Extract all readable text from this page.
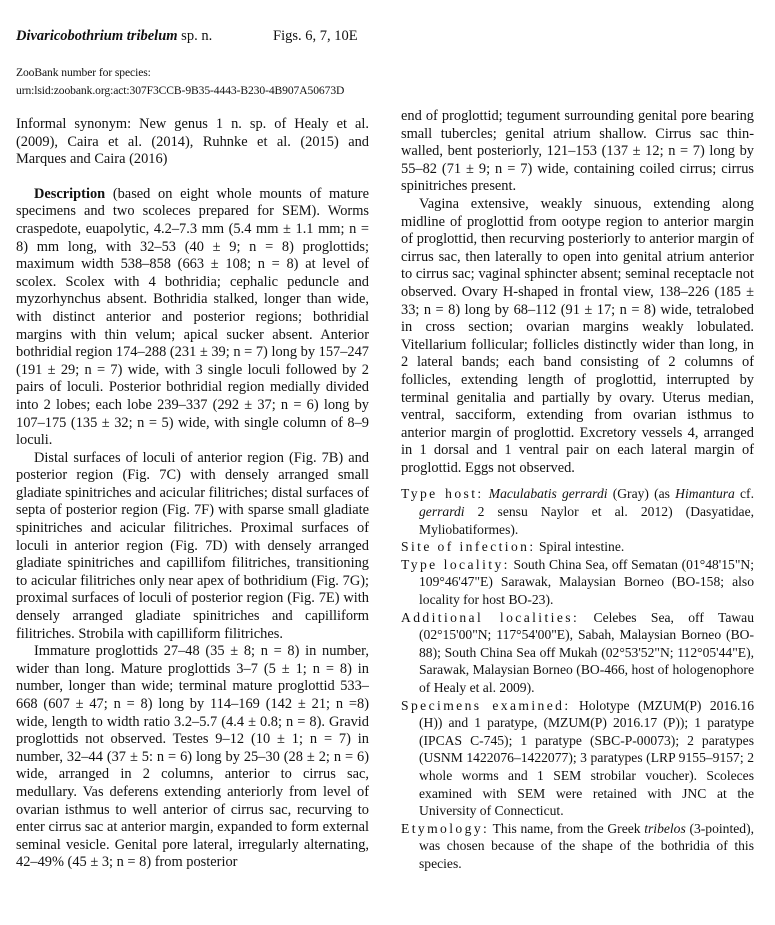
Divaricobothrium tribelum sp. n.	Figs. 6, 7, 10E
ZooBank number for species:
urn:lsid:zoobank.org:act:307F3CCB-9B35-4443-B230-4B907A50673D

Informal synonym: New genus 1 n. sp. of Healy et al. (2009), Caira et al. (2014), Ruhnke et al. (2015) and Marques and Caira (2016)

Description (based on eight whole mounts of mature specimens and two scoleces prepared for SEM). Worms craspedote, euapolytic, 4.2–7.3 mm (5.4 mm ± 1.1 mm; n = 8) mm long, with 32–53 (40 ± 9; n = 8) proglottids; maximum width 538–858 (663 ± 108; n = 8) at level of scolex. Scolex with 4 bothridia; cephalic peduncle and myzorhynchus absent. Bothridia stalked, longer than wide, with distinct anterior and posterior regions; bothridial margins with thin velum; apical sucker absent. Anterior bothridial region 174–288 (231 ± 39; n = 7) long by 157–247 (191 ± 29; n = 7) wide, with 3 single loculi followed by 2 pairs of loculi. Posterior bothridial region medially divided into 2 lobes; each lobe 239–337 (292 ± 37; n = 6) long by 107–175 (135 ± 32; n = 5) wide, with single column of 8–9 loculi.

Distal surfaces of loculi of anterior region (Fig. 7B) and posterior region (Fig. 7C) with densely arranged small gladiate spinitriches and acicular filitriches; distal surfaces of septa of posterior region (Fig. 7F) with sparse small gladiate spinitriches and acicular filitriches. Proximal surfaces of loculi in anterior region (Fig. 7D) with densely arranged gladiate spinitriches and capillifom filitriches, transitioning to acicular filitriches only near apex of bothridium (Fig. 7G); proximal surfaces of loculi of posterior region (Fig. 7E) with densely arranged gladiate spinitriches and capilliform filitriches. Strobila with capilliform filitriches.

Immature proglottids 27–48 (35 ± 8; n = 8) in number, wider than long. Mature proglottids 3–7 (5 ± 1; n = 8) in number, longer than wide; terminal mature proglottid 533–668 (607 ± 47; n = 8) long by 114–169 (142 ± 21; n =8) wide, length to width ratio 3.2–5.7 (4.4 ± 0.8; n = 8). Gravid proglottids not observed. Testes 9–12 (10 ± 1; n = 7) in number, 32–44 (37 ± 5: n = 6) long by 25–30 (28 ± 2; n = 6) wide, arranged in 2 columns, anterior to cirrus sac, medullary. Vas deferens extending anteriorly from level of ovarian isthmus to well anterior of cirrus sac, recurving to enter cirrus sac at anterior margin, expanded to form external seminal vesicle. Genital pore lateral, irregularly alternating, 42–49% (45 ± 3; n = 8) from posterior

end of proglottid; tegument surrounding genital pore bearing small tubercles; genital atrium shallow. Cirrus sac thin-walled, bent posteriorly, 121–153 (137 ± 12; n = 7) long by 55–82 (71 ± 9; n = 7) wide, containing coiled cirrus; cirrus spinitriches present.

Vagina extensive, weakly sinuous, extending along midline of proglottid from ootype region to anterior margin of proglottid, then recurving posteriorly to anterior margin of cirrus sac, then laterally to open into genital atrium anterior to cirrus sac; vaginal sphincter absent; seminal receptacle not observed. Ovary H-shaped in frontal view, 138–226 (185 ± 33; n = 8) long by 68–112 (91 ± 17; n = 8) wide, tetralobed in cross section; ovarian margins weakly lobulated. Vitellarium follicular; follicles distinctly wider than long, in 2 lateral bands; each band consisting of 2 columns of follicles, extending length of proglottid, interrupted by terminal genitalia and partially by ovary. Uterus median, ventral, sacciform, extending from ovarian isthmus to anterior margin of proglottid. Excretory vessels 4, arranged in 1 dorsal and 1 ventral pair on each lateral margin of proglottid. Eggs not observed.

Type host: Maculabatis gerrardi (Gray) (as Himantura cf. gerrardi 2 sensu Naylor et al. 2012) (Dasyatidae, Myliobatiformes).

Site of infection: Spiral intestine.

Type locality: South China Sea, off Sematan (01°48'15"N; 109°46'47"E) Sarawak, Malaysian Borneo (BO-158; also locality for host BO-23).

Additional localities: Celebes Sea, off Tawau (02°15'00"N; 117°54'00"E), Sabah, Malaysian Borneo (BO-88); South China Sea off Mukah (02°53'52"N; 112°05'44"E), Sarawak, Malaysian Borneo (BO-466, host of hologenophore of Healy et al. 2009).

Specimens examined: Holotype (MZUM(P) 2016.16 (H)) and 1 paratype, (MZUM(P) 2016.17 (P)); 1 paratype (IPCAS C-745); 1 paratype (SBC-P-00073); 2 paratypes (USNM 1422076–1422077); 3 paratypes (LRP 9155–9157; 2 whole worms and 1 SEM strobilar voucher). Scoleces examined with SEM were retained with JNC at the University of Connecticut.

Etymology: This name, from the Greek tribelos (3-pointed), was chosen because of the shape of the bothridia of this species.
